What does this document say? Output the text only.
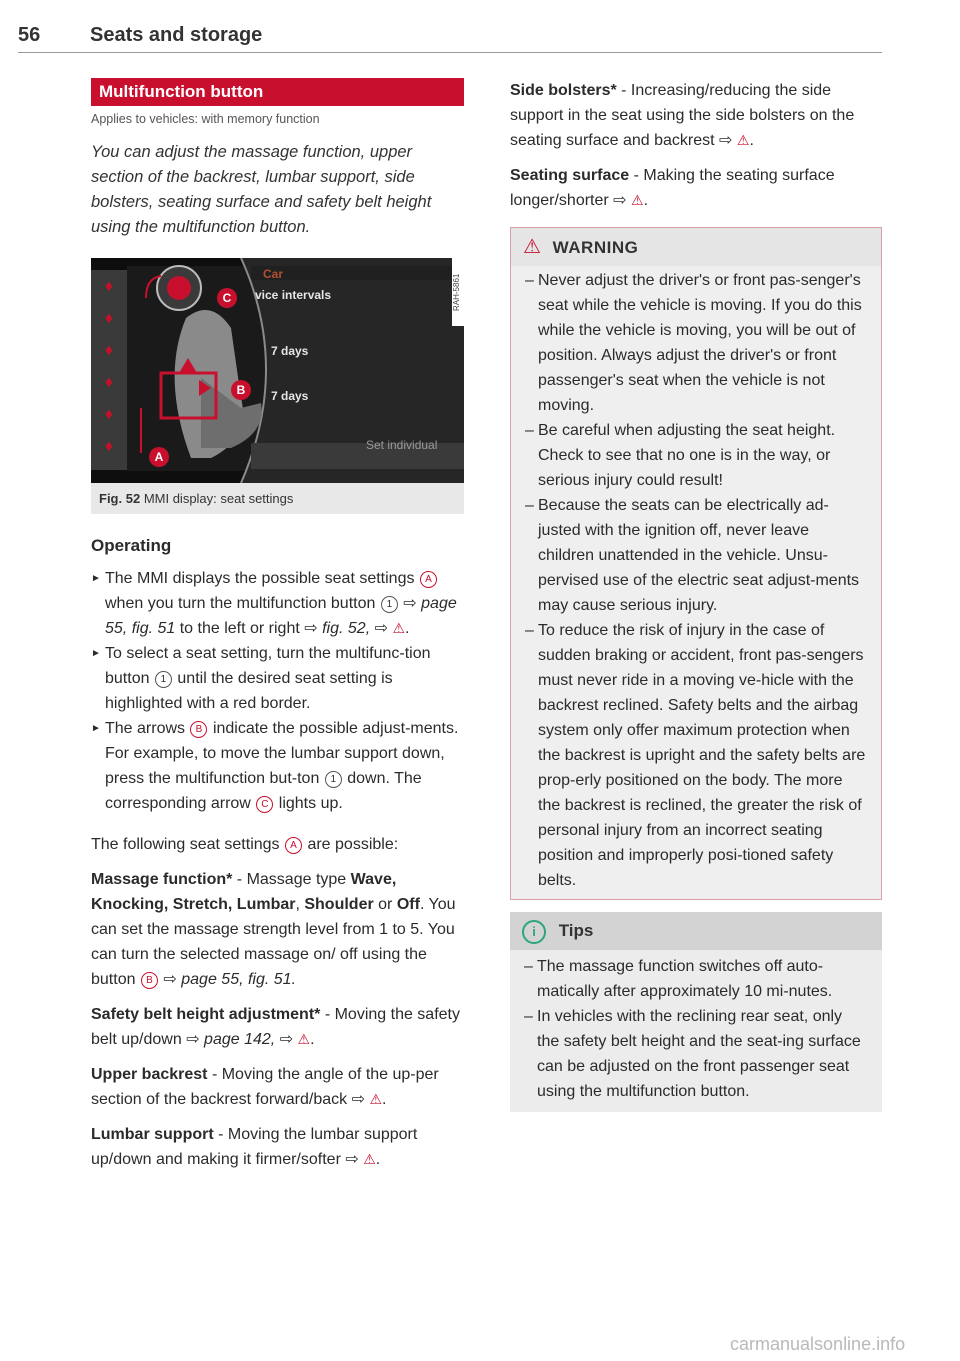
56 Seats and storage
Multifunction button
Applies to vehicles: with memory function
You can adjust the massage function, upper section of the backrest, lumbar support, side bolsters, seating surface and safety belt height using the multifunction button.
♦
♦
♦
♦
♦
♦
Car
vice intervals
7 days
7 days
Set individual
C
B
A
RAH-5861
Fig. 52 MMI display: seat settings
Operating
► The MMI displays the possible seat settings A when you turn the multifunction button 1 ⇨ page 55, fig. 51 to the left or right ⇨ fig. 52, ⇨ ⚠.
► To select a seat setting, turn the multifunc-tion button 1 until the desired seat setting is highlighted with a red border.
► The arrows B indicate the possible adjust-ments. For example, to move the lumbar support down, press the multifunction but-ton 1 down. The corresponding arrow C lights up.
The following seat settings A are possible:
Massage function* - Massage type Wave, Knocking, Stretch, Lumbar, Shoulder or Off. You can set the massage strength level from 1 to 5. You can turn the selected massage on/ off using the button B ⇨ page 55, fig. 51.
Safety belt height adjustment* - Moving the safety belt up/down ⇨ page 142, ⇨ ⚠.
Upper backrest - Moving the angle of the up-per section of the backrest forward/back ⇨ ⚠.
Lumbar support - Moving the lumbar support up/down and making it firmer/softer ⇨ ⚠.
Side bolsters* - Increasing/reducing the side support in the seat using the side bolsters on the seating surface and backrest ⇨ ⚠.
Seating surface - Making the seating surface longer/shorter ⇨ ⚠.
⚠ WARNING
– Never adjust the driver's or front pas-senger's seat while the vehicle is moving. If you do this while the vehicle is moving, you will be out of position. Always adjust the driver's or front passenger's seat when the vehicle is not moving.
– Be careful when adjusting the seat height. Check to see that no one is in the way, or serious injury could result!
– Because the seats can be electrically ad-justed with the ignition off, never leave children unattended in the vehicle. Unsu-pervised use of the electric seat adjust-ments may cause serious injury.
– To reduce the risk of injury in the case of sudden braking or accident, front pas-sengers must never ride in a moving ve-hicle with the backrest reclined. Safety belts and the airbag system only offer maximum protection when the backrest is upright and the safety belts are prop-erly positioned on the body. The more the backrest is reclined, the greater the risk of personal injury from an incorrect seating position and improperly posi-tioned safety belts.
i Tips
– The massage function switches off auto-matically after approximately 10 mi-nutes.
– In vehicles with the reclining rear seat, only the safety belt height and the seat-ing surface can be adjusted on the front passenger seat using the multifunction button.
carmanualsonline.info
